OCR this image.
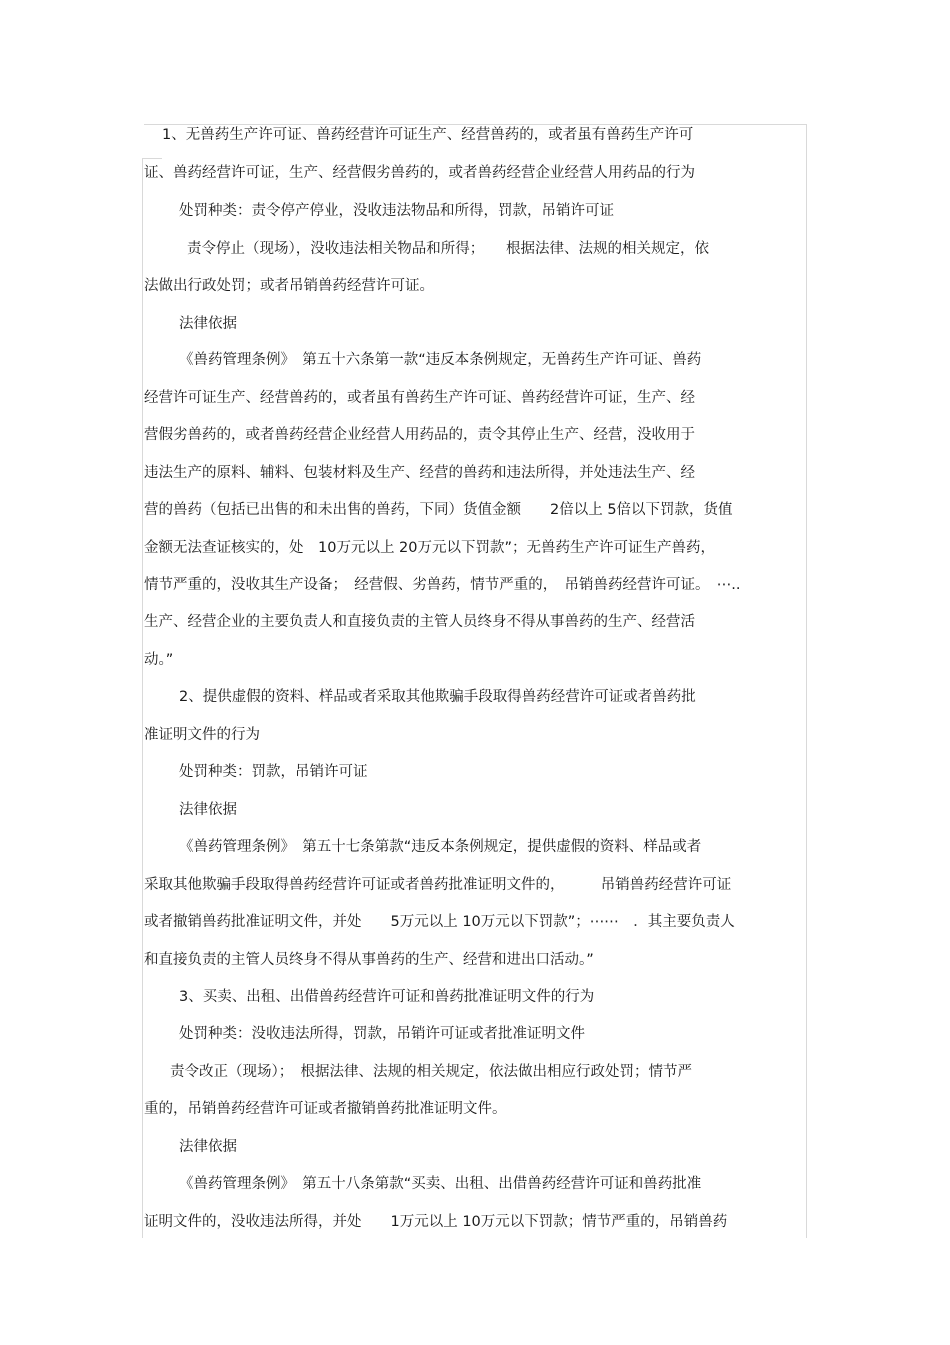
1、无兽药生产许可证、兽药经营许可证生产、经营兽药的，或者虽有兽药生产许可
证、兽药经营许可证，生产、经营假劣兽药的，或者兽药经营企业经营人用药品的行为
处罚种类：责令停产停业，没收违法物品和所得，罚款，吊销许可证
责令停止（现场），没收违法相关物品和所得；　　根据法律、法规的相关规定，依
法做出行政处罚；或者吊销兽药经营许可证。
法律依据
《兽药管理条例》　第五十六条第一款“违反本条例规定，无兽药生产许可证、兽药
经营许可证生产、经营兽药的，或者虽有兽药生产许可证、兽药经营许可证，生产、经
营假劣兽药的，或者兽药经营企业经营人用药品的，责令其停止生产、经营，没收用于
违法生产的原料、辅料、包装材料及生产、经营的兽药和违法所得，并处违法生产、经
营的兽药（包括已出售的和未出售的兽药，下同）货值金额　　2倍以上 5倍以下罚款，货值
金额无法查证核实的，处　10万元以上 20万元以下罚款”；无兽药生产许可证生产兽药，
情节严重的，没收其生产设备；　经营假、劣兽药，情节严重的，　吊销兽药经营许可证。　⋯..
生产、经营企业的主要负责人和直接负责的主管人员终身不得从事兽药的生产、经营活
动。”
2、提供虚假的资料、样品或者采取其他欺骗手段取得兽药经营许可证或者兽药批
准证明文件的行为
处罚种类：罚款，吊销许可证
法律依据
《兽药管理条例》　第五十七条第款“违反本条例规定，提供虚假的资料、样品或者
采取其他欺骗手段取得兽药经营许可证或者兽药批准证明文件的，　　　吊销兽药经营许可证
或者撤销兽药批准证明文件，并处　　5万元以上 10万元以下罚款”；⋯⋯　．其主要负责人
和直接负责的主管人员终身不得从事兽药的生产、经营和进出口活动。”
3、买卖、出租、出借兽药经营许可证和兽药批准证明文件的行为
处罚种类：没收违法所得，罚款，吊销许可证或者批准证明文件
责令改正（现场）；　根据法律、法规的相关规定，依法做出相应行政处罚；情节严
重的，吊销兽药经营许可证或者撤销兽药批准证明文件。
法律依据
《兽药管理条例》　第五十八条第款“买卖、出租、出借兽药经营许可证和兽药批准
证明文件的，没收违法所得，并处　　1万元以上 10万元以下罚款；情节严重的，吊销兽药
